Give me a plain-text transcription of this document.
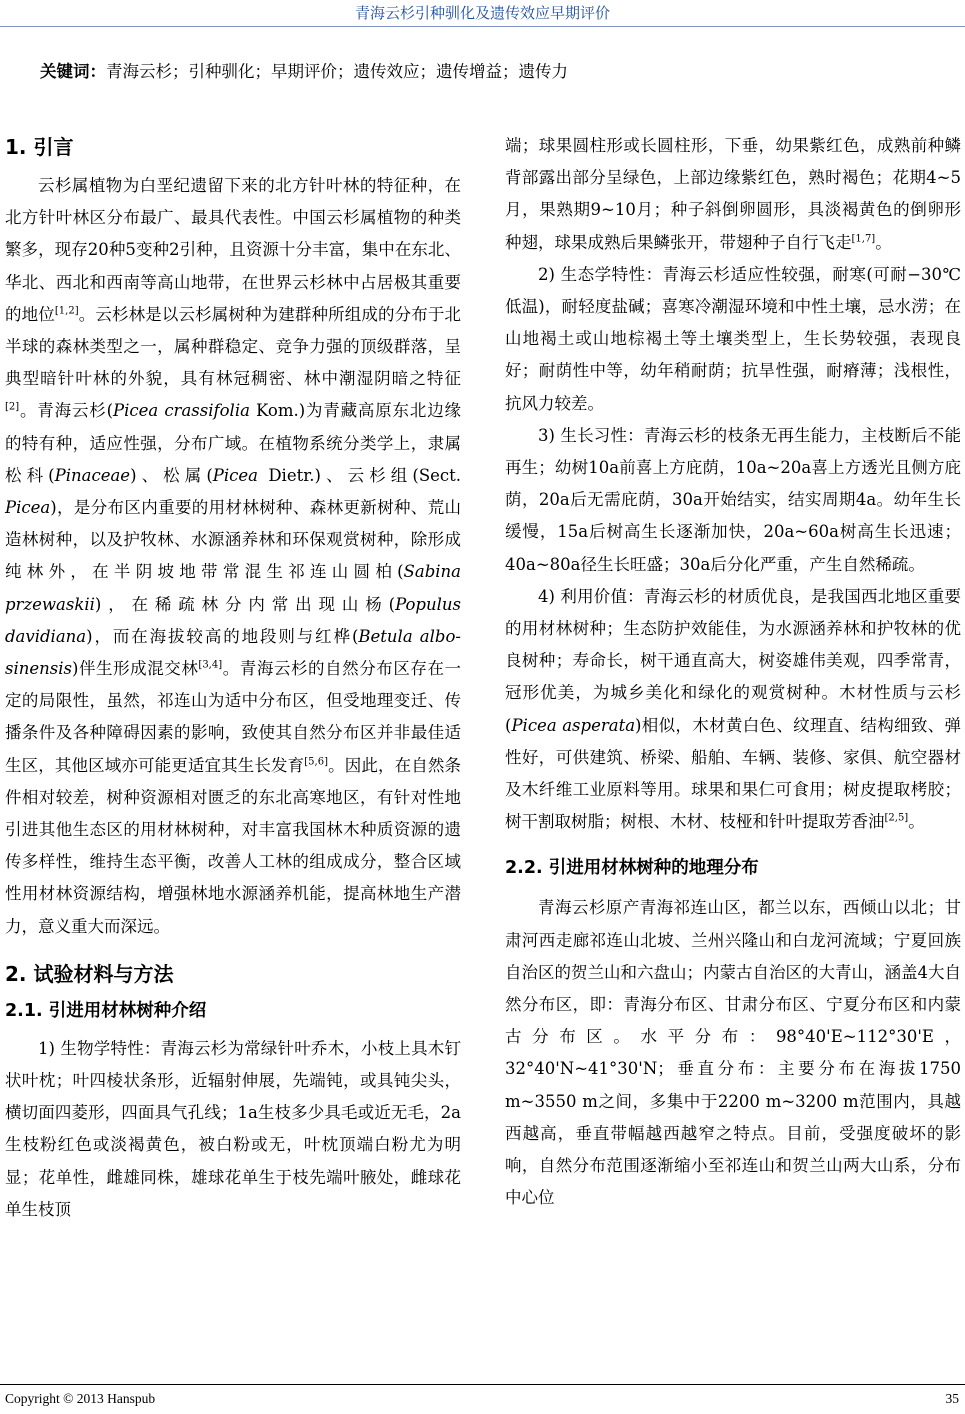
青海云杉引种驯化及遗传效应早期评价
关键词：青海云杉；引种驯化；早期评价；遗传效应；遗传增益；遗传力
1. 引言

云杉属植物为白垩纪遗留下来的北方针叶林的特征种，在北方针叶林区分布最广、最具代表性。中国云杉属植物的种类繁多，现存20种5变种2引种，且资源十分丰富，集中在东北、华北、西北和西南等高山地带，在世界云杉林中占居极其重要的地位[1,2]。云杉林是以云杉属树种为建群种所组成的分布于北半球的森林类型之一，属种群稳定、竞争力强的顶级群落，呈典型暗针叶林的外貌，具有林冠稠密、林中潮湿阴暗之特征[2]。青海云杉(Picea crassifolia Kom.)为青藏高原东北边缘的特有种，适应性强，分布广域。在植物系统分类学上，隶属松科(Pinaceae)、松属(Picea Dietr.)、云杉组(Sect. Picea)，是分布区内重要的用材林树种、森林更新树种、荒山造林树种，以及护牧林、水源涵养林和环保观赏树种，除形成纯林外，在半阴坡地带常混生祁连山圆柏(Sabina przewaskii)，在稀疏林分内常出现山杨(Populus davidiana)，而在海拔较高的地段则与红桦(Betula albo-sinensis)伴生形成混交林[3,4]。青海云杉的自然分布区存在一定的局限性，虽然，祁连山为适中分布区，但受地理变迁、传播条件及各种障碍因素的影响，致使其自然分布区并非最佳适生区，其他区域亦可能更适宜其生长发育[5,6]。因此，在自然条件相对较差，树种资源相对匮乏的东北高寒地区，有针对性地引进其他生态区的用材林树种，对丰富我国林木种质资源的遗传多样性，维持生态平衡，改善人工林的组成成分，整合区域性用材林资源结构，增强林地水源涵养机能，提高林地生产潜力，意义重大而深远。

2. 试验材料与方法
2.1. 引进用材林树种介绍

1) 生物学特性：青海云杉为常绿针叶乔木，小枝上具木钉状叶枕；叶四棱状条形，近辐射伸展，先端钝，或具钝尖头，横切面四菱形，四面具气孔线；1a生枝多少具毛或近无毛，2a生枝粉红色或淡褐黄色，被白粉或无，叶枕顶端白粉尤为明显；花单性，雌雄同株，雄球花单生于枝先端叶腋处，雌球花单生枝顶

端；球果圆柱形或长圆柱形，下垂，幼果紫红色，成熟前种鳞背部露出部分呈绿色，上部边缘紫红色，熟时褐色；花期4~5月，果熟期9~10月；种子斜倒卵圆形，具淡褐黄色的倒卵形种翅，球果成熟后果鳞张开，带翅种子自行飞走[1,7]。

2) 生态学特性：青海云杉适应性较强，耐寒(可耐−30℃低温)，耐轻度盐碱；喜寒冷潮湿环境和中性土壤，忌水涝；在山地褐土或山地棕褐土等土壤类型上，生长势较强，表现良好；耐荫性中等，幼年稍耐荫；抗旱性强，耐瘠薄；浅根性，抗风力较差。

3) 生长习性：青海云杉的枝条无再生能力，主枝断后不能再生；幼树10a前喜上方庇荫，10a~20a喜上方透光且侧方庇荫，20a后无需庇荫，30a开始结实，结实周期4a。幼年生长缓慢，15a后树高生长逐渐加快，20a~60a树高生长迅速；40a~80a径生长旺盛；30a后分化严重，产生自然稀疏。

4) 利用价值：青海云杉的材质优良，是我国西北地区重要的用材林树种；生态防护效能佳，为水源涵养林和护牧林的优良树种；寿命长，树干通直高大，树姿雄伟美观，四季常青，冠形优美，为城乡美化和绿化的观赏树种。木材性质与云杉(Picea asperata)相似，木材黄白色、纹理直、结构细致、弹性好，可供建筑、桥梁、船舶、车辆、装修、家俱、航空器材及木纤维工业原料等用。球果和果仁可食用；树皮提取栲胶；树干割取树脂；树根、木材、枝桠和针叶提取芳香油[2,5]。

2.2. 引进用材林树种的地理分布

青海云杉原产青海祁连山区，都兰以东，西倾山以北；甘肃河西走廊祁连山北坡、兰州兴隆山和白龙河流域；宁夏回族自治区的贺兰山和六盘山；内蒙古自治区的大青山，涵盖4大自然分布区，即：青海分布区、甘肃分布区、宁夏分布区和内蒙古分布区。水平分布：98°40'E~112°30'E，32°40'N~41°30'N；垂直分布：主要分布在海拔1750 m~3550 m之间，多集中于2200 m~3200 m范围内，具越西越高，垂直带幅越西越窄之特点。目前，受强度破坏的影响，自然分布范围逐渐缩小至祁连山和贺兰山两大山系，分布中心位

Copyright © 2013 Hanspub	35
